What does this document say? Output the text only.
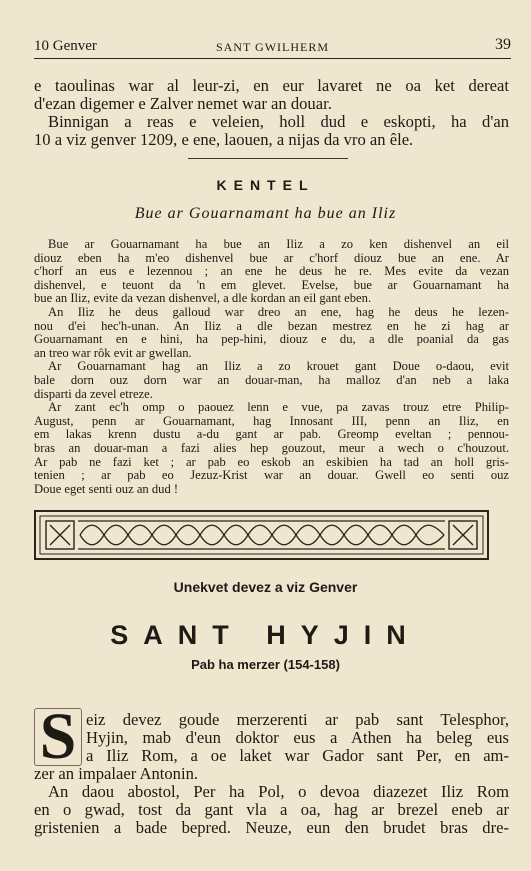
10 Genver	SANT GWILHERM	39
e taoulinas war al leur-zi, en eur lavaret ne oa ket dereat
d'ezan digemer e Zalver nemet war an douar.
Binnigan a reas e veleien, holl dud e eskopti, ha d'an
10 a viz genver 1209, e ene, laouen, a nijas da vro an êle.
KENTEL
Bue ar Gouarnamant ha bue an Iliz
Bue ar Gouarnamant ha bue an Iliz a zo ken dishenvel an eil
diouz eben ha m'eo dishenvel bue ar c'horf diouz bue an ene. Ar
c'horf an eus e lezennou ; an ene he deus he re. Mes evite da vezan
dishenvel, e teuont da 'n em glevet. Evelse, bue ar Gouarnamant ha
bue an Iliz, evite da vezan dishenvel, a dle kordan an eil gant eben.
An Iliz he deus galloud war dreo an ene, hag he deus he lezen-
nou d'ei hec'h-unan. An Iliz a dle bezan mestrez en he zi hag ar
Gouarnamant en e hini, ha pep-hini, diouz e du, a dle poanial da gas
an treo war rôk evit ar gwellan.
Ar Gouarnamant hag an Iliz a zo krouet gant Doue o-daou, evit
bale dorn ouz dorn war an douar-man, ha malloz d'an neb a laka
disparti da zevel etreze.
Ar zant ec'h omp o paouez lenn e vue, pa zavas trouz etre Philip-
August, penn ar Gouarnamant, hag Innosant III, penn an Iliz, en
em lakas krenn dustu a-du gant ar pab. Greomp eveltan ; pennou-
bras an douar-man a fazi alies hep gouzout, meur a wech o c'houzout.
Ar pab ne fazi ket ; ar pab eo eskob an eskibien ha tad an holl gris-
tenien ; ar pab eo Jezuz-Krist war an douar. Gwell eo senti ouz
Doue eget senti ouz an dud !
Unekvet devez a viz Genver
SANT HYJIN
Pab ha merzer (154-158)
S eiz devez goude merzerenti ar pab sant Telesphor,
Hyjin, mab d'eun doktor eus a Athen ha beleg eus
a Iliz Rom, a oe laket war Gador sant Per, en am-
zer an impalaer Antonin.
An daou abostol, Per ha Pol, o devoa diazezet Iliz Rom
en o gwad, tost da gant vla a oa, hag ar brezel eneb ar
gristenien a bade bepred. Neuze, eun den brudet bras dre-
